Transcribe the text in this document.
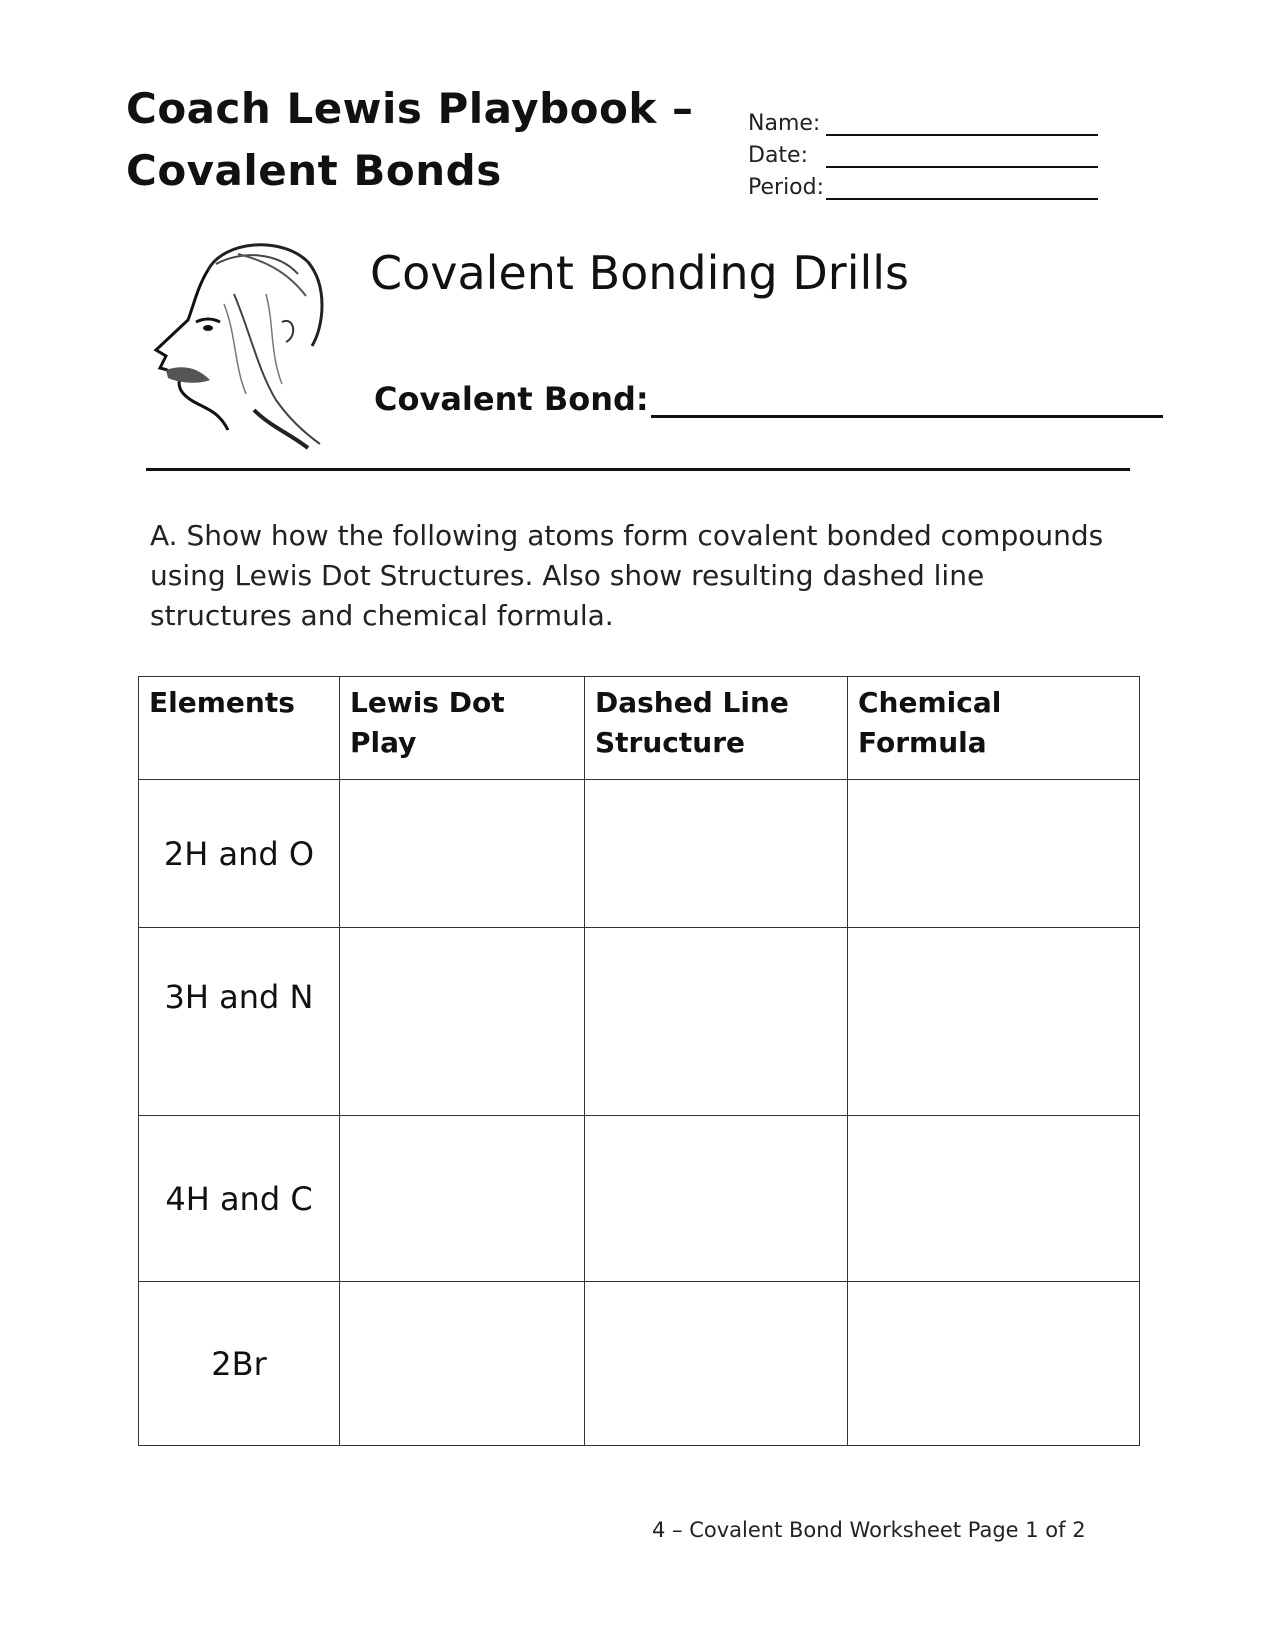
Coach Lewis Playbook –
Covalent Bonds
Name:
Date:
Period:
Covalent Bonding Drills
Covalent Bond:
A. Show how the following atoms form covalent bonded compounds using Lewis Dot Structures. Also show resulting dashed line structures and chemical formula.
Elements	Lewis Dot Play	Dashed Line Structure	Chemical Formula
2H and O			
3H and N			
4H and C			
2Br			
4 – Covalent Bond Worksheet Page 1 of 2
